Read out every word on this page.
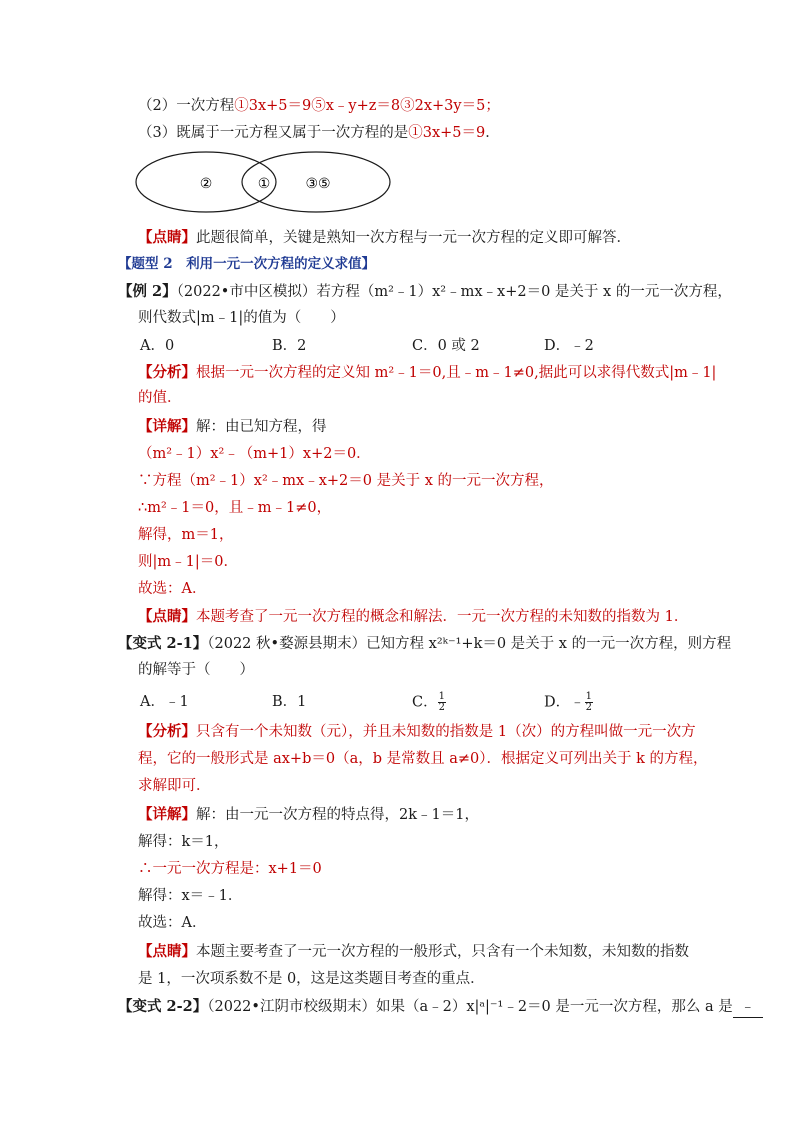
（2）一次方程①3x+5＝9⑤x﹣y+z＝8③2x+3y＝5；
（3）既属于一元方程又属于一次方程的是①3x+5＝9．
②	①	③⑤
【点睛】此题很简单，关键是熟知一次方程与一元一次方程的定义即可解答．
【题型 2　利用一元一次方程的定义求值】
【例 2】（2022•市中区模拟）若方程（m²﹣1）x²﹣mx﹣x+2＝0 是关于 x 的一元一次方程，
则代数式|m﹣1|的值为（　　）
A．0	B．2	C．0 或 2	D．﹣2
【分析】根据一元一次方程的定义知 m²﹣1＝0,且﹣m﹣1≠0,据此可以求得代数式|m﹣1|
的值．
【详解】解：由已知方程，得
（m²﹣1）x²﹣（m+1）x+2＝0．
∵方程（m²﹣1）x²﹣mx﹣x+2＝0 是关于 x 的一元一次方程，
∴m²﹣1＝0，且﹣m﹣1≠0，
解得，m＝1，
则|m﹣1|＝0．
故选：A．
【点睛】本题考查了一元一次方程的概念和解法．一元一次方程的未知数的指数为 1．
【变式 2-1】（2022 秋•婺源县期末）已知方程 x²ᵏ⁻¹+k＝0 是关于 x 的一元一次方程，则方程
的解等于（　　）
A．﹣1	B．1	C． $\frac{1}{2}$	D．﹣ $\frac{1}{2}$
【分析】只含有一个未知数（元），并且未知数的指数是 1（次）的方程叫做一元一次方
程，它的一般形式是 ax+b＝0（a，b 是常数且 a≠0）．根据定义可列出关于 k 的方程，
求解即可．
【详解】解：由一元一次方程的特点得，2k﹣1＝1，
解得：k＝1，
∴一元一次方程是：x+1＝0
解得：x＝﹣1．
故选：A．
【点睛】本题主要考查了一元一次方程的一般形式，只含有一个未知数，未知数的指数
是 1，一次项系数不是 0，这是这类题目考查的重点．
【变式 2-2】（2022•江阴市校级期末）如果（a﹣2）x|ᵃ|⁻¹﹣2＝0 是一元一次方程，那么 a 是 ﹣
